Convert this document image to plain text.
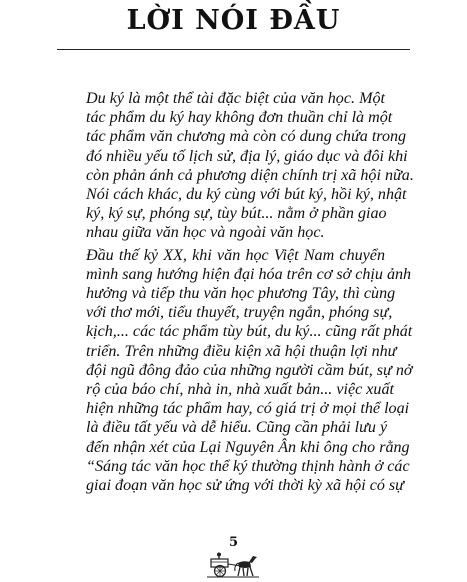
LỜI NÓI ĐẦU

Du ký là một thể tài đặc biệt của văn học. Một
tác phẩm du ký hay không đơn thuần chỉ là một
tác phẩm văn chương mà còn có dung chứa trong
đó nhiều yếu tố lịch sử, địa lý, giáo dục và đôi khi
còn phản ánh cả phương diện chính trị xã hội nữa.
Nói cách khác, du ký cùng với bút ký, hồi ký, nhật
ký, ký sự, phóng sự, tùy bút... nằm ở phần giao
nhau giữa văn học và ngoài văn học.

Đầu thế kỷ XX, khi văn học Việt Nam chuyển
mình sang hướng hiện đại hóa trên cơ sở chịu ảnh
hưởng và tiếp thu văn học phương Tây, thì cùng
với thơ mới, tiểu thuyết, truyện ngắn, phóng sự,
kịch,... các tác phẩm tùy bút, du ký... cũng rất phát
triển. Trên những điều kiện xã hội thuận lợi như
đội ngũ đông đảo của những người cầm bút, sự nở
rộ của báo chí, nhà in, nhà xuất bản... việc xuất
hiện những tác phẩm hay, có giá trị ở mọi thể loại
là điều tất yếu và dễ hiểu. Cũng cần phải lưu ý
đến nhận xét của Lại Nguyên Ân khi ông cho rằng
“Sáng tác văn học thể ký thường thịnh hành ở các
giai đoạn văn học sử ứng với thời kỳ xã hội có sự

5
